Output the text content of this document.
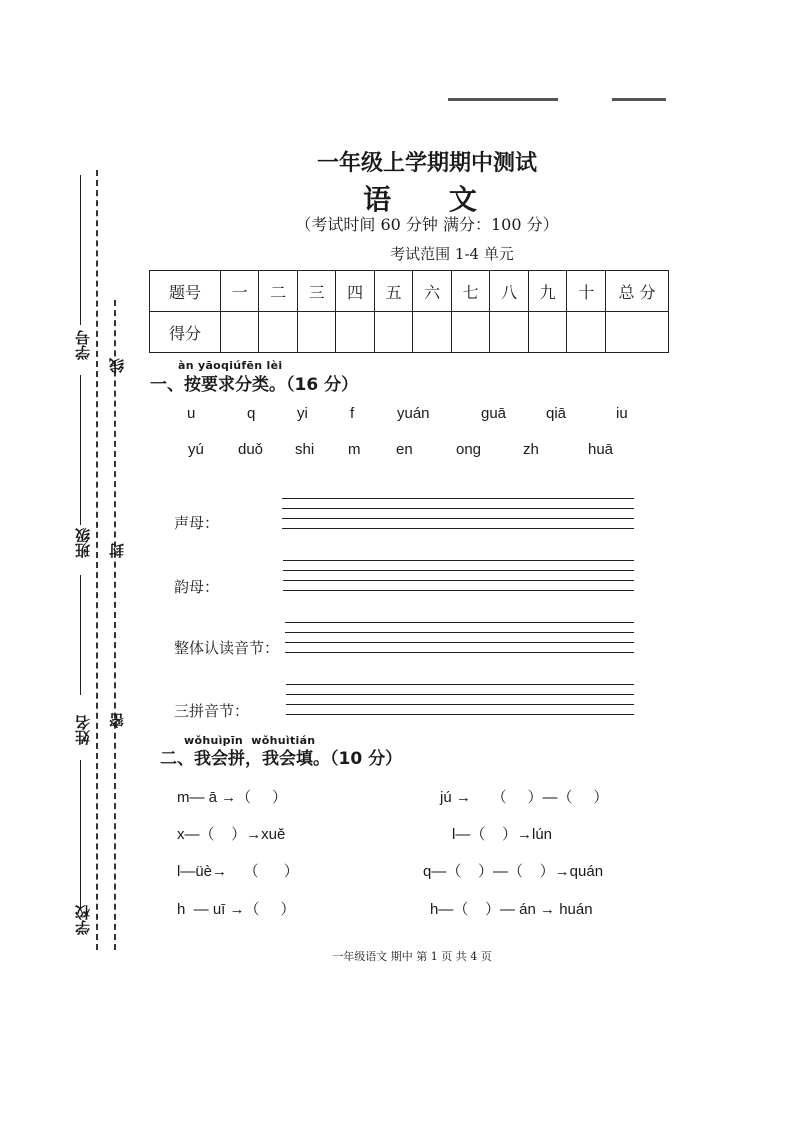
学号
班级
姓名
学校
线
封
密
一年级上学期期中测试
语 文
（考试时间 60 分钟 满分：100 分）
考试范围 1-4 单元
题号	一	二	三	四	五	六	七	八	九	十	总 分
得分											
àn yāoqiúfēn lèi
一、按要求分类。（16 分）
u	q	yi	f	yuán	guā	qiā	iu
yú duǒ shi m en	ong	zh	huā
声母：
韵母：
整体认读音节：
三拼音节：
wǒhuìpīn  wǒhuìtián
二、我会拼，我会填。（10 分）
m— ā →（     ）
x—（    ）→xuě
l—üè→    （      ）
h  — uī →（     ）
jú →     （     ）—（     ）
l—（    ）→lún
q—（    ）—（    ）→quán
h—（    ）— án → huán
一年级语文 期中 第 1 页 共 4 页
